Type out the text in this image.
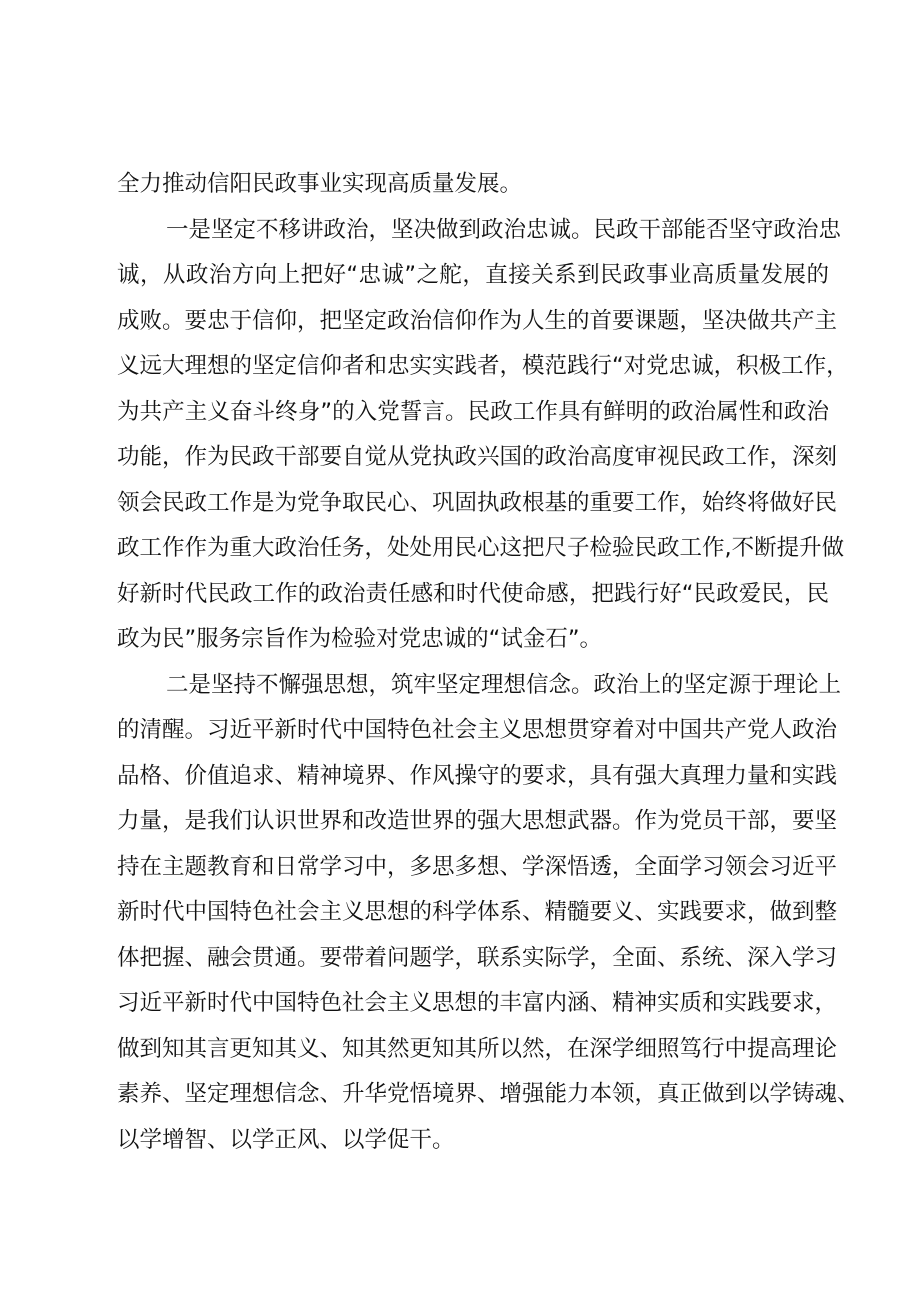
全力推动信阳民政事业实现高质量发展。
一是坚定不移讲政治，坚决做到政治忠诚。民政干部能否坚守政治忠
诚，从政治方向上把好“忠诚”之舵，直接关系到民政事业高质量发展的
成败。要忠于信仰，把坚定政治信仰作为人生的首要课题，坚决做共产主
义远大理想的坚定信仰者和忠实实践者，模范践行“对党忠诚，积极工作，
为共产主义奋斗终身”的入党誓言。民政工作具有鲜明的政治属性和政治
功能，作为民政干部要自觉从党执政兴国的政治高度审视民政工作，深刻
领会民政工作是为党争取民心、巩固执政根基的重要工作，始终将做好民
政工作作为重大政治任务，处处用民心这把尺子检验民政工作,不断提升做
好新时代民政工作的政治责任感和时代使命感，把践行好“民政爱民，民
政为民”服务宗旨作为检验对党忠诚的“试金石”。
二是坚持不懈强思想，筑牢坚定理想信念。政治上的坚定源于理论上
的清醒。习近平新时代中国特色社会主义思想贯穿着对中国共产党人政治
品格、价值追求、精神境界、作风操守的要求，具有强大真理力量和实践
力量，是我们认识世界和改造世界的强大思想武器。作为党员干部，要坚
持在主题教育和日常学习中，多思多想、学深悟透，全面学习领会习近平
新时代中国特色社会主义思想的科学体系、精髓要义、实践要求，做到整
体把握、融会贯通。要带着问题学，联系实际学，全面、系统、深入学习
习近平新时代中国特色社会主义思想的丰富内涵、精神实质和实践要求，
做到知其言更知其义、知其然更知其所以然，在深学细照笃行中提高理论
素养、坚定理想信念、升华党悟境界、增强能力本领，真正做到以学铸魂、
以学增智、以学正风、以学促干。
